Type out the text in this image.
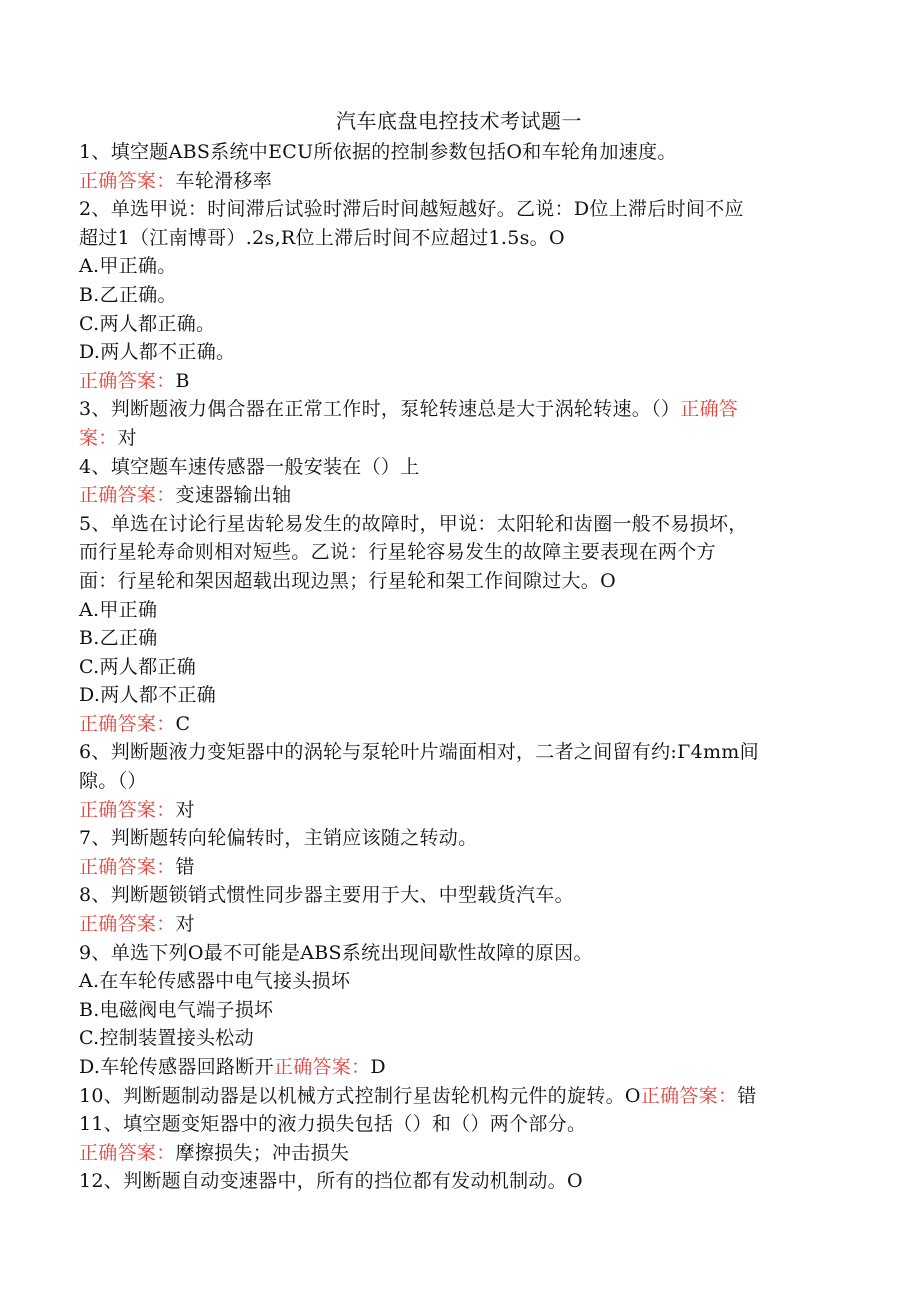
汽车底盘电控技术考试题一

1、填空题ABS系统中ECU所依据的控制参数包括O和车轮角加速度。

正确答案：车轮滑移率

2、单选甲说：时间滞后试验时滞后时间越短越好。乙说：D位上滞后时间不应

超过1（江南博哥）.2s,R位上滞后时间不应超过1.5s。O

A.甲正确。

B.乙正确。

C.两人都正确。

D.两人都不正确。

正确答案：B

3、判断题液力偶合器在正常工作时，泵轮转速总是大于涡轮转速。（）正确答

案：对

4、填空题车速传感器一般安装在（）上

正确答案：变速器输出轴

5、单选在讨论行星齿轮易发生的故障时，甲说：太阳轮和齿圈一般不易损坏，

而行星轮寿命则相对短些。乙说：行星轮容易发生的故障主要表现在两个方

面：行星轮和架因超载出现边黑；行星轮和架工作间隙过大。O

A.甲正确

B.乙正确

C.两人都正确

D.两人都不正确

正确答案：C

6、判断题液力变矩器中的涡轮与泵轮叶片端面相对，二者之间留有约:Γ4mm间

隙。（）

正确答案：对

7、判断题转向轮偏转时，主销应该随之转动。

正确答案：错

8、判断题锁销式惯性同步器主要用于大、中型载货汽车。

正确答案：对

9、单选下列O最不可能是ABS系统出现间歇性故障的原因。

A.在车轮传感器中电气接头损坏

B.电磁阀电气端子损坏

C.控制装置接头松动

D.车轮传感器回路断开正确答案：D

10、判断题制动器是以机械方式控制行星齿轮机构元件的旋转。O正确答案：错

11、填空题变矩器中的液力损失包括（）和（）两个部分。

正确答案：摩擦损失；冲击损失

12、判断题自动变速器中，所有的挡位都有发动机制动。O
